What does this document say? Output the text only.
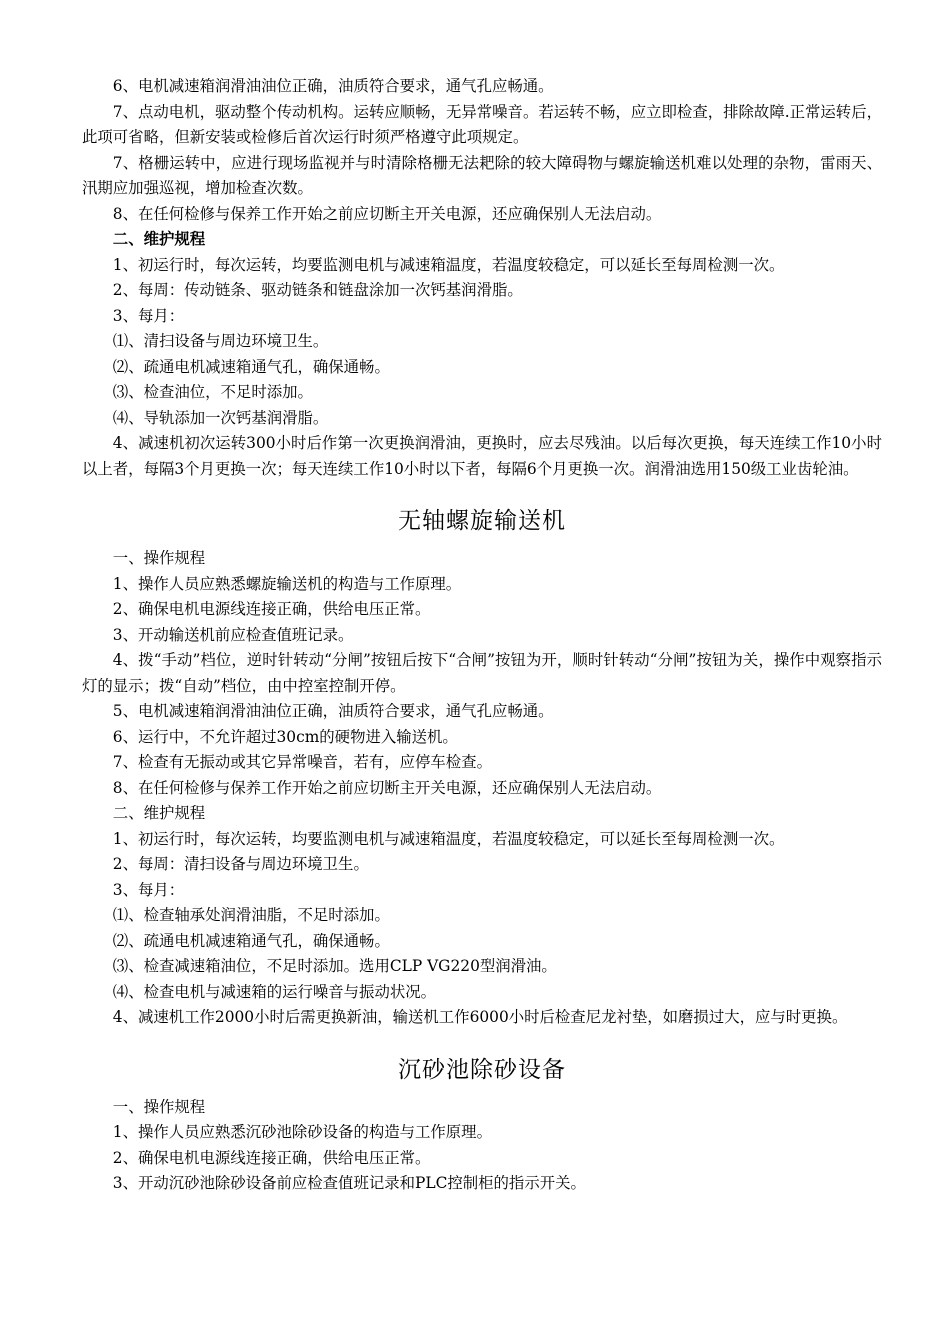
6、电机减速箱润滑油油位正确，油质符合要求，通气孔应畅通。

7、点动电机，驱动整个传动机构。运转应顺畅，无异常噪音。若运转不畅，应立即检查，排除故障.正常运转后，此项可省略，但新安装或检修后首次运行时须严格遵守此项规定。

7、格栅运转中，应进行现场监视并与时清除格栅无法耙除的较大障碍物与螺旋输送机难以处理的杂物，雷雨天、汛期应加强巡视，增加检查次数。

8、在任何检修与保养工作开始之前应切断主开关电源，还应确保别人无法启动。

二、维护规程

1、初运行时，每次运转，均要监测电机与减速箱温度，若温度较稳定，可以延长至每周检测一次。

2、每周：传动链条、驱动链条和链盘涂加一次钙基润滑脂。

3、每月：

⑴、清扫设备与周边环境卫生。

⑵、疏通电机减速箱通气孔，确保通畅。

⑶、检查油位，不足时添加。

⑷、导轨添加一次钙基润滑脂。

4、减速机初次运转300小时后作第一次更换润滑油，更换时，应去尽残油。以后每次更换，每天连续工作10小时以上者，每隔3个月更换一次；每天连续工作10小时以下者，每隔6个月更换一次。润滑油选用150级工业齿轮油。

无轴螺旋输送机

一、操作规程

1、操作人员应熟悉螺旋输送机的构造与工作原理。

2、确保电机电源线连接正确，供给电压正常。

3、开动输送机前应检查值班记录。

4、拨“手动”档位，逆时针转动“分闸”按钮后按下“合闸”按钮为开，顺时针转动“分闸”按钮为关，操作中观察指示灯的显示；拨“自动”档位，由中控室控制开停。

5、电机减速箱润滑油油位正确，油质符合要求，通气孔应畅通。

6、运行中，不允许超过30cm的硬物进入输送机。

7、检查有无振动或其它异常噪音，若有，应停车检查。

8、在任何检修与保养工作开始之前应切断主开关电源，还应确保别人无法启动。

二、维护规程

1、初运行时，每次运转，均要监测电机与减速箱温度，若温度较稳定，可以延长至每周检测一次。

2、每周：清扫设备与周边环境卫生。

3、每月：

⑴、检查轴承处润滑油脂，不足时添加。

⑵、疏通电机减速箱通气孔，确保通畅。

⑶、检查减速箱油位，不足时添加。选用CLP VG220型润滑油。

⑷、检查电机与减速箱的运行噪音与振动状况。

4、减速机工作2000小时后需更换新油，输送机工作6000小时后检查尼龙衬垫，如磨损过大，应与时更换。

沉砂池除砂设备

一、操作规程

1、操作人员应熟悉沉砂池除砂设备的构造与工作原理。

2、确保电机电源线连接正确，供给电压正常。

3、开动沉砂池除砂设备前应检查值班记录和PLC控制柜的指示开关。
